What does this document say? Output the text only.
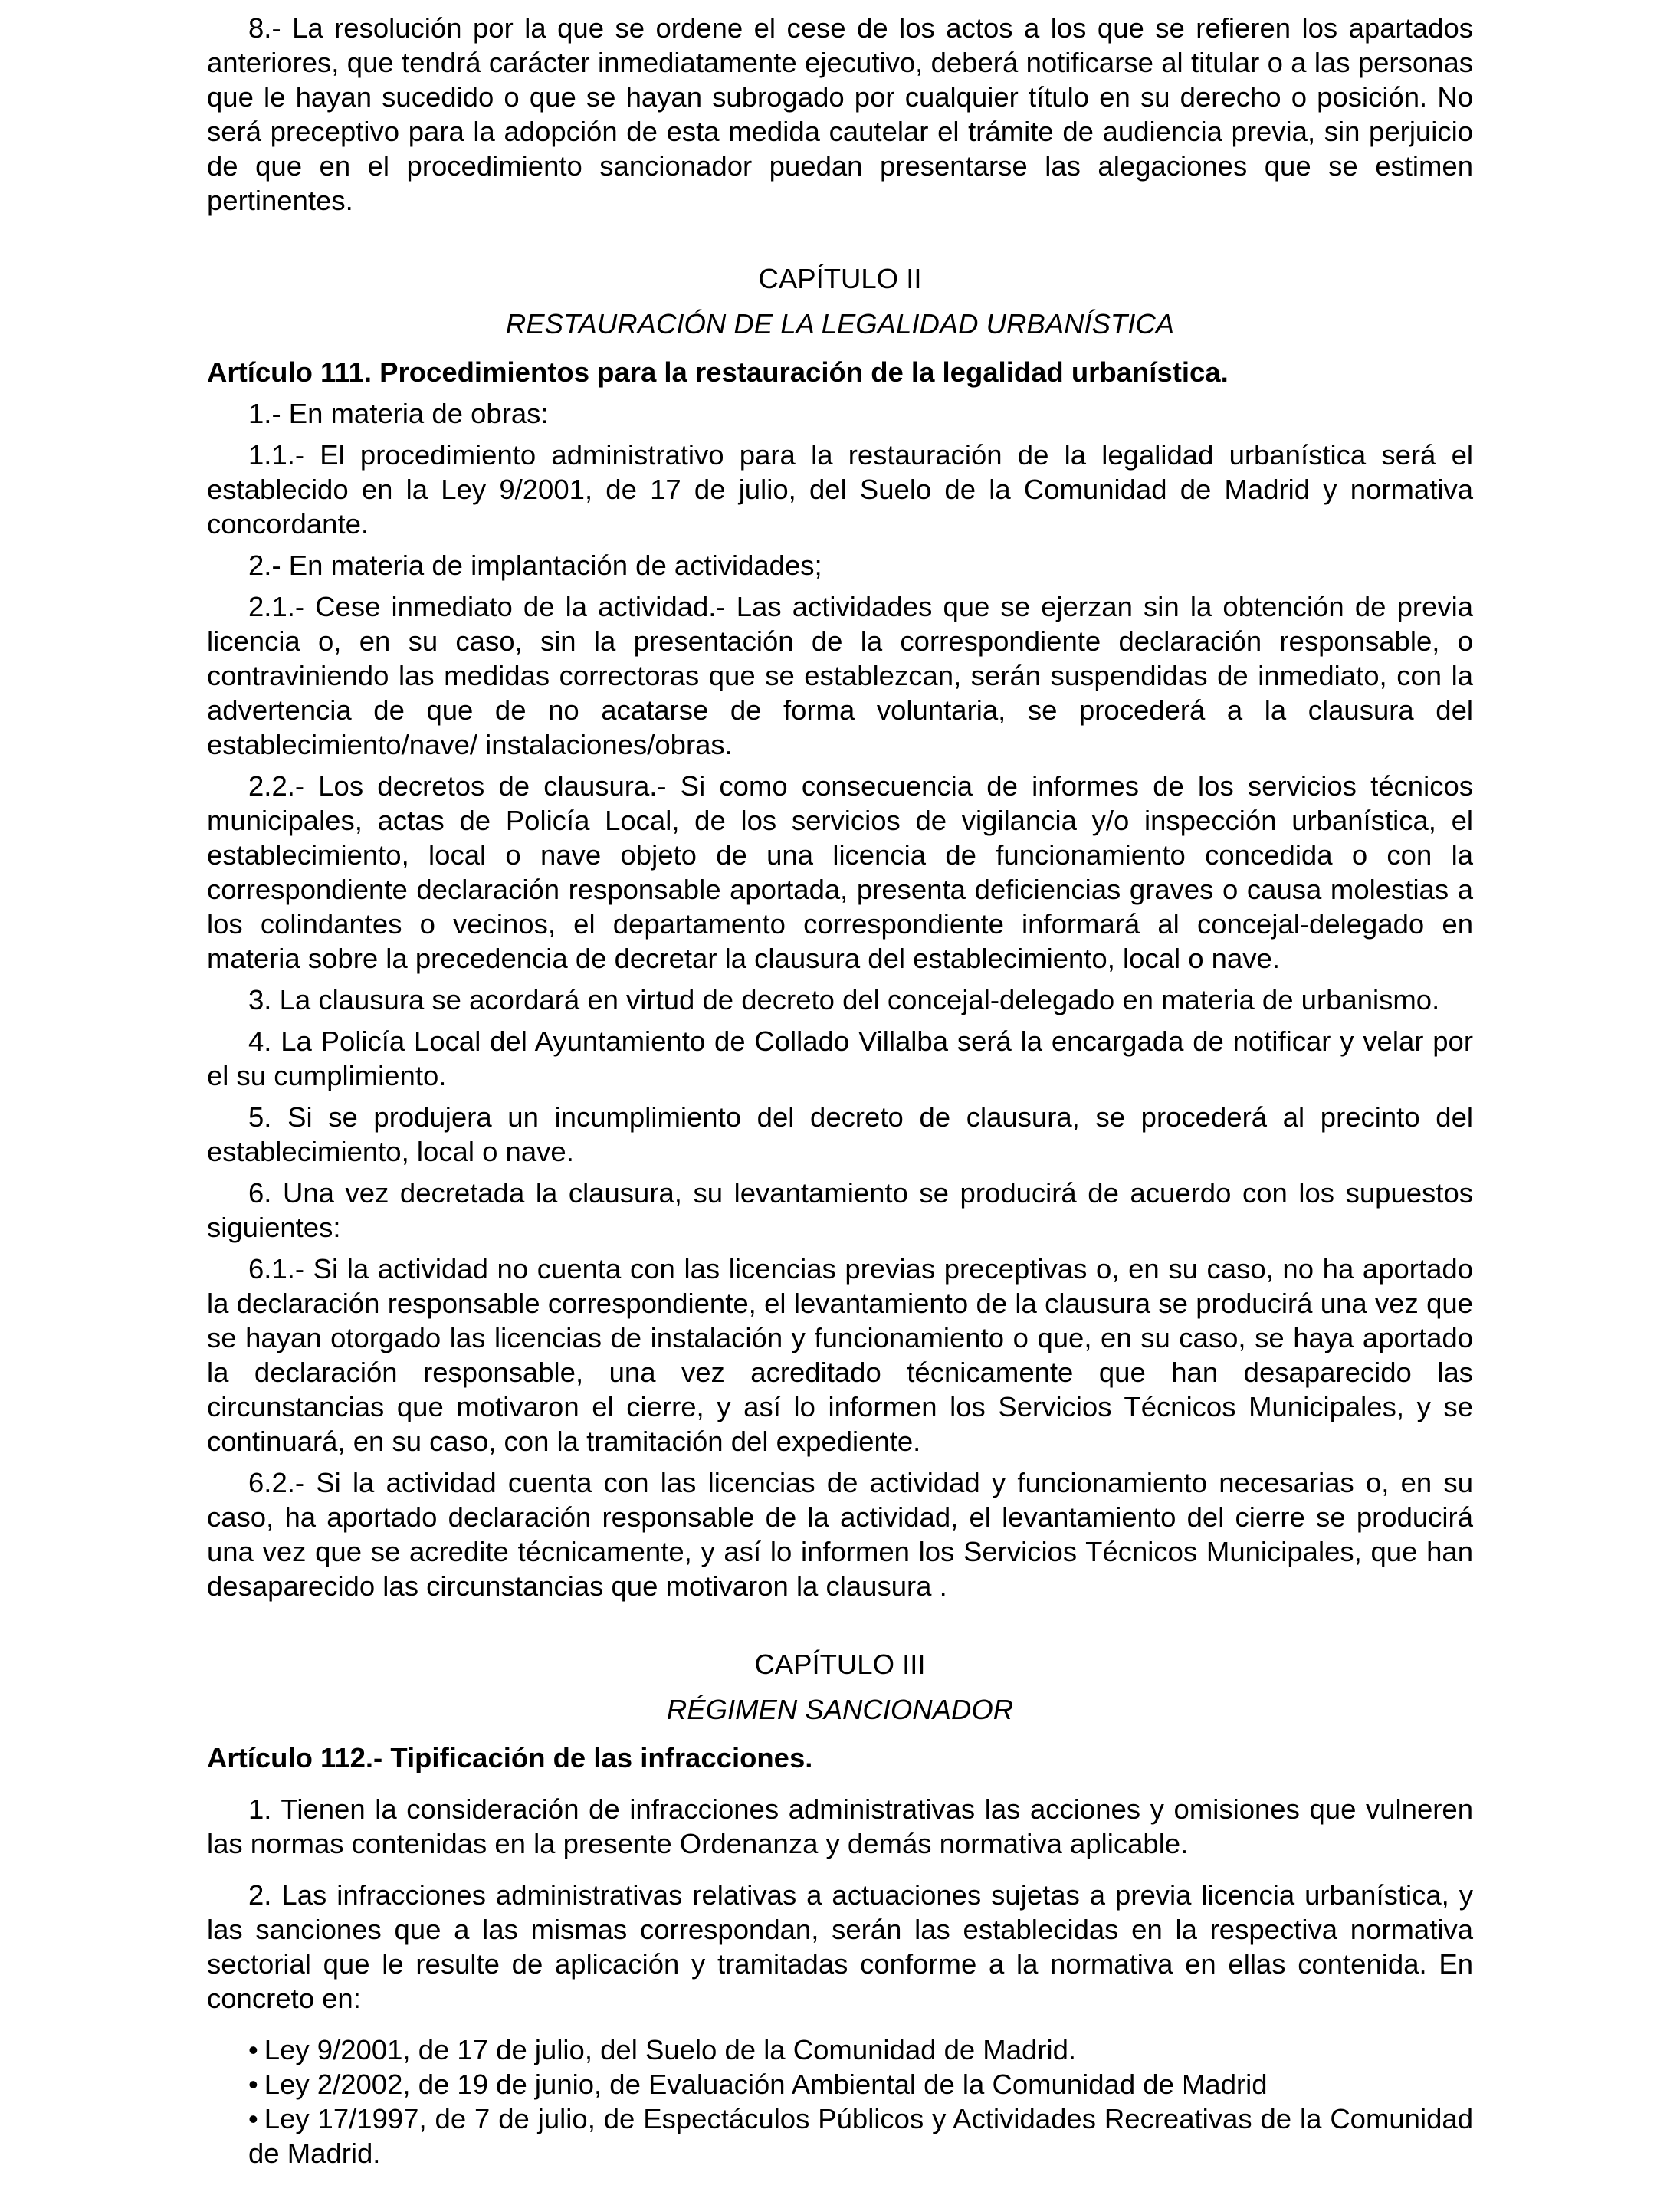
8.- La resolución por la que se ordene el cese de los actos a los que se refieren los apartados anteriores, que tendrá carácter inmediatamente ejecutivo, deberá notificarse al titular o a las personas que le hayan sucedido o que se hayan subrogado por cualquier título en su derecho o posición. No será preceptivo para la adopción de esta medida cautelar el trámite de audiencia previa, sin perjuicio de que en el procedimiento sancionador puedan presentarse las alegaciones que se estimen pertinentes.

CAPÍTULO II

RESTAURACIÓN DE LA LEGALIDAD URBANÍSTICA

Artículo 111. Procedimientos para la restauración de la legalidad urbanística.

1.- En materia de obras:

1.1.- El procedimiento administrativo para la restauración de la legalidad urbanística será el establecido en la Ley 9/2001, de 17 de julio, del Suelo de la Comunidad de Madrid y normativa concordante.

2.- En materia de implantación de actividades;

2.1.- Cese inmediato de la actividad.- Las actividades que se ejerzan sin la obtención de previa licencia o, en su caso, sin la presentación de la correspondiente declaración responsable, o contraviniendo las medidas correctoras que se establezcan, serán suspendidas de inmediato, con la advertencia de que de no acatarse de forma voluntaria, se procederá a la clausura del establecimiento/nave/ instalaciones/obras.

2.2.- Los decretos de clausura.- Si como consecuencia de informes de los servicios técnicos municipales, actas de Policía Local, de los servicios de vigilancia y/o inspección urbanística, el establecimiento, local o nave objeto de una licencia de funcionamiento concedida o con la correspondiente declaración responsable aportada, presenta deficiencias graves o causa molestias a los colindantes o vecinos, el departamento correspondiente informará al concejal-delegado en materia sobre la precedencia de decretar la clausura del establecimiento, local o nave.

3. La clausura se acordará en virtud de decreto del concejal-delegado en materia de urbanismo.

4. La Policía Local del Ayuntamiento de Collado Villalba será la encargada de notificar y velar por el su cumplimiento.

5. Si se produjera un incumplimiento del decreto de clausura, se procederá al precinto del establecimiento, local o nave.

6. Una vez decretada la clausura, su levantamiento se producirá de acuerdo con los supuestos siguientes:

6.1.- Si la actividad no cuenta con las licencias previas preceptivas o, en su caso, no ha aportado la declaración responsable correspondiente, el levantamiento de la clausura se producirá una vez que se hayan otorgado las licencias de instalación y funcionamiento o que, en su caso, se haya aportado la declaración responsable, una vez acreditado técnicamente que han desaparecido las circunstancias que motivaron el cierre, y así lo informen los Servicios Técnicos Municipales, y se continuará, en su caso, con la tramitación del expediente.

6.2.- Si la actividad cuenta con las licencias de actividad y funcionamiento necesarias o, en su caso, ha aportado declaración responsable de la actividad, el levantamiento del cierre se producirá una vez que se acredite técnicamente, y así lo informen los Servicios Técnicos Municipales, que han desaparecido las circunstancias que motivaron la clausura .

CAPÍTULO III

RÉGIMEN SANCIONADOR

Artículo 112.- Tipificación de las infracciones.

1. Tienen la consideración de infracciones administrativas las acciones y omisiones que vulneren las normas contenidas en la presente Ordenanza y demás normativa aplicable.

2. Las infracciones administrativas relativas a actuaciones sujetas a previa licencia urbanística, y las sanciones que a las mismas correspondan, serán las establecidas en la respectiva normativa sectorial que le resulte de aplicación y tramitadas conforme a la normativa en ellas contenida. En concreto en:

• Ley 9/2001, de 17 de julio, del Suelo de la Comunidad de Madrid.
• Ley 2/2002, de 19 de junio, de Evaluación Ambiental de la Comunidad de Madrid
• Ley 17/1997, de 7 de julio, de Espectáculos Públicos y Actividades Recreativas de la Comunidad de Madrid.
